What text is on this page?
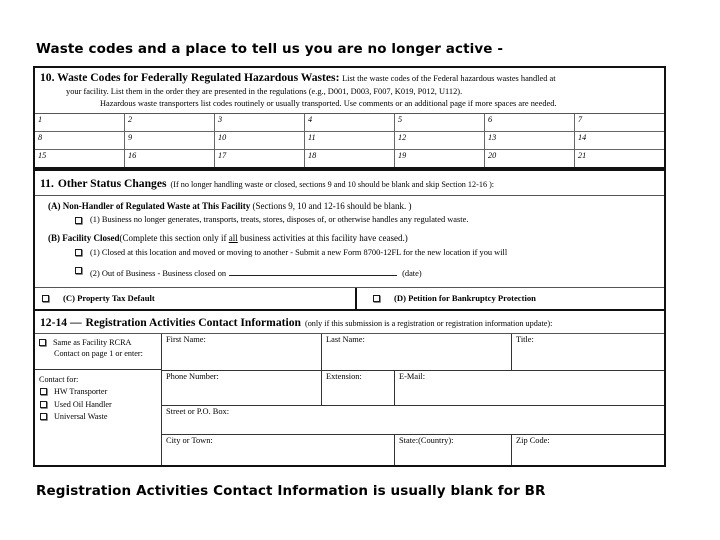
Waste codes and a place to tell us you are no longer active -
10. Waste Codes for Federally Regulated Hazardous Wastes: List the waste codes of the Federal hazardous wastes handled at
your facility. List them in the order they are presented in the regulations (e.g., D001, D003, F007, K019, P012, U112).
Hazardous waste transporters list codes routinely or usually transported. Use comments or an additional page if more spaces are needed.
1	2	3	4	5	6	7
8	9	10	11	12	13	14
15	16	17	18	19	20	21
11. Other Status Changes (If no longer handling waste or closed, sections 9 and 10 should be blank and skip Section 12-16 ):
(A) Non-Handler of Regulated Waste at This Facility (Sections 9, 10 and 12-16 should be blank. )
(1) Business no longer generates, transports, treats, stores, disposes of, or otherwise handles any regulated waste.
(B) Facility Closed(Complete this section only if all business activities at this facility have ceased.)
(1) Closed at this location and moved or moving to another - Submit a new Form 8700-12FL for the new location if you will
(2) Out of Business - Business closed on	(date)
(C) Property Tax Default	(D) Petition for Bankruptcy Protection
12-14 — Registration Activities Contact Information (only if this submission is a registration or registration information update):
Same as Facility RCRA
Contact on page 1 or enter:
Contact for:
HW Transporter
Used Oil Handler
Universal Waste
First Name:	Last Name:	Title:
Phone Number:	Extension:	E-Mail:
Street or P.O. Box:
City or Town:	State:(Country):	Zip Code:
Registration Activities Contact Information is usually blank for BR
